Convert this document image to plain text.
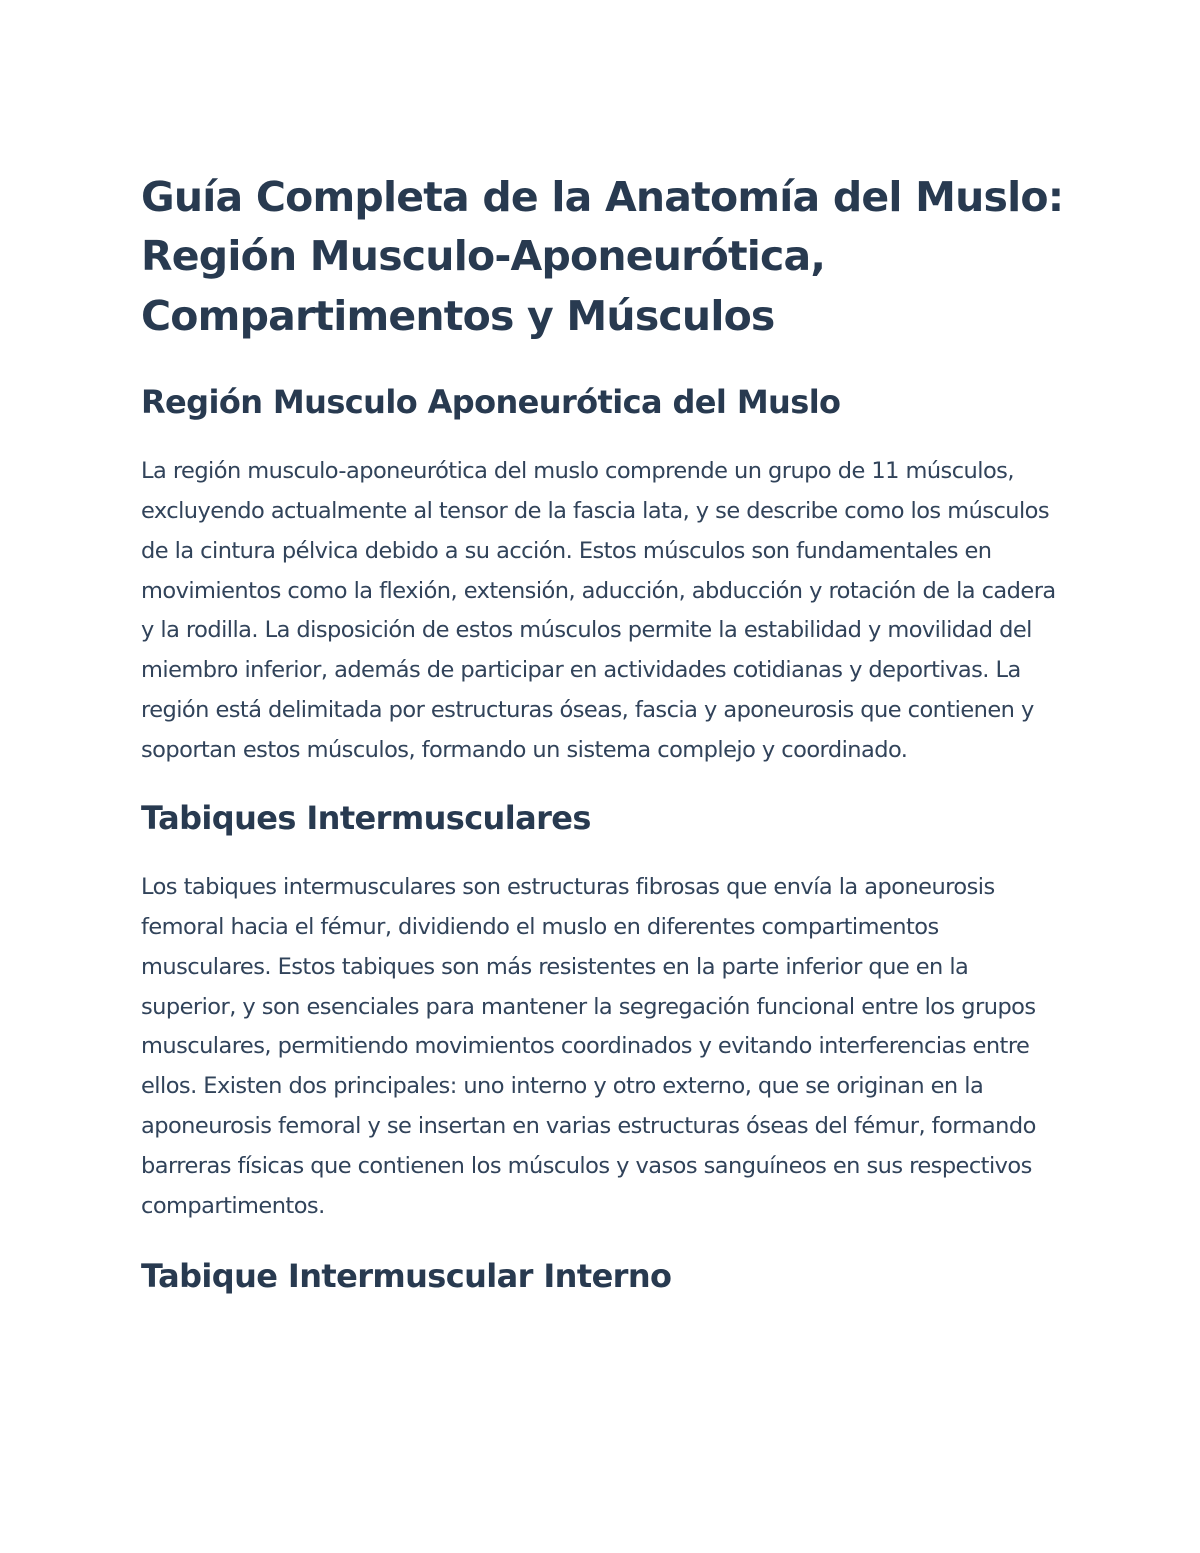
Guía Completa de la Anatomía del Muslo: Región Musculo-Aponeurótica, Compartimentos y Músculos
Región Musculo Aponeurótica del Muslo

La región musculo-aponeurótica del muslo comprende un grupo de 11 músculos, excluyendo actualmente al tensor de la fascia lata, y se describe como los músculos de la cintura pélvica debido a su acción. Estos músculos son fundamentales en movimientos como la flexión, extensión, aducción, abducción y rotación de la cadera y la rodilla. La disposición de estos músculos permite la estabilidad y movilidad del miembro inferior, además de participar en actividades cotidianas y deportivas. La región está delimitada por estructuras óseas, fascia y aponeurosis que contienen y soportan estos músculos, formando un sistema complejo y coordinado.

Tabiques Intermusculares

Los tabiques intermusculares son estructuras fibrosas que envía la aponeurosis femoral hacia el fémur, dividiendo el muslo en diferentes compartimentos musculares. Estos tabiques son más resistentes en la parte inferior que en la superior, y son esenciales para mantener la segregación funcional entre los grupos musculares, permitiendo movimientos coordinados y evitando interferencias entre ellos. Existen dos principales: uno interno y otro externo, que se originan en la aponeurosis femoral y se insertan en varias estructuras óseas del fémur, formando barreras físicas que contienen los músculos y vasos sanguíneos en sus respectivos compartimentos.

Tabique Intermuscular Interno
